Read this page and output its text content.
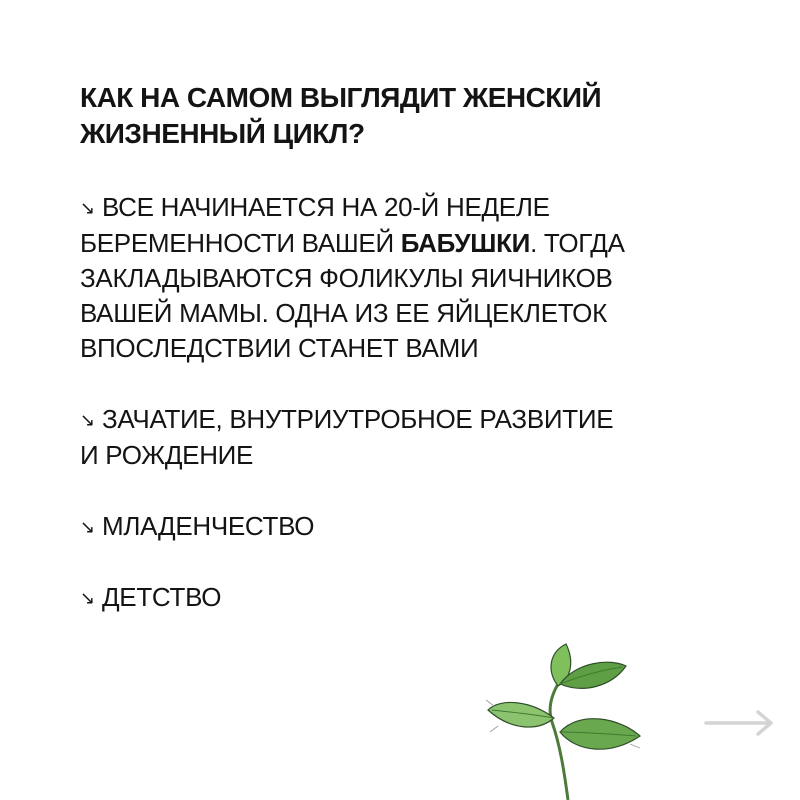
КАК НА САМОМ ВЫГЛЯДИТ ЖЕНСКИЙ
ЖИЗНЕННЫЙ ЦИКЛ?
↘ ВСЕ НАЧИНАЕТСЯ НА 20-Й НЕДЕЛЕ
БЕРЕМЕННОСТИ ВАШЕЙ БАБУШКИ. ТОГДА
ЗАКЛАДЫВАЮТСЯ ФОЛИКУЛЫ ЯИЧНИКОВ
ВАШЕЙ МАМЫ. ОДНА ИЗ ЕЕ ЯЙЦЕКЛЕТОК
ВПОСЛЕДСТВИИ СТАНЕТ ВАМИ
↘ ЗАЧАТИЕ, ВНУТРИУТРОБНОЕ РАЗВИТИЕ
И РОЖДЕНИЕ
↘ МЛАДЕНЧЕСТВО
↘ ДЕТСТВО
